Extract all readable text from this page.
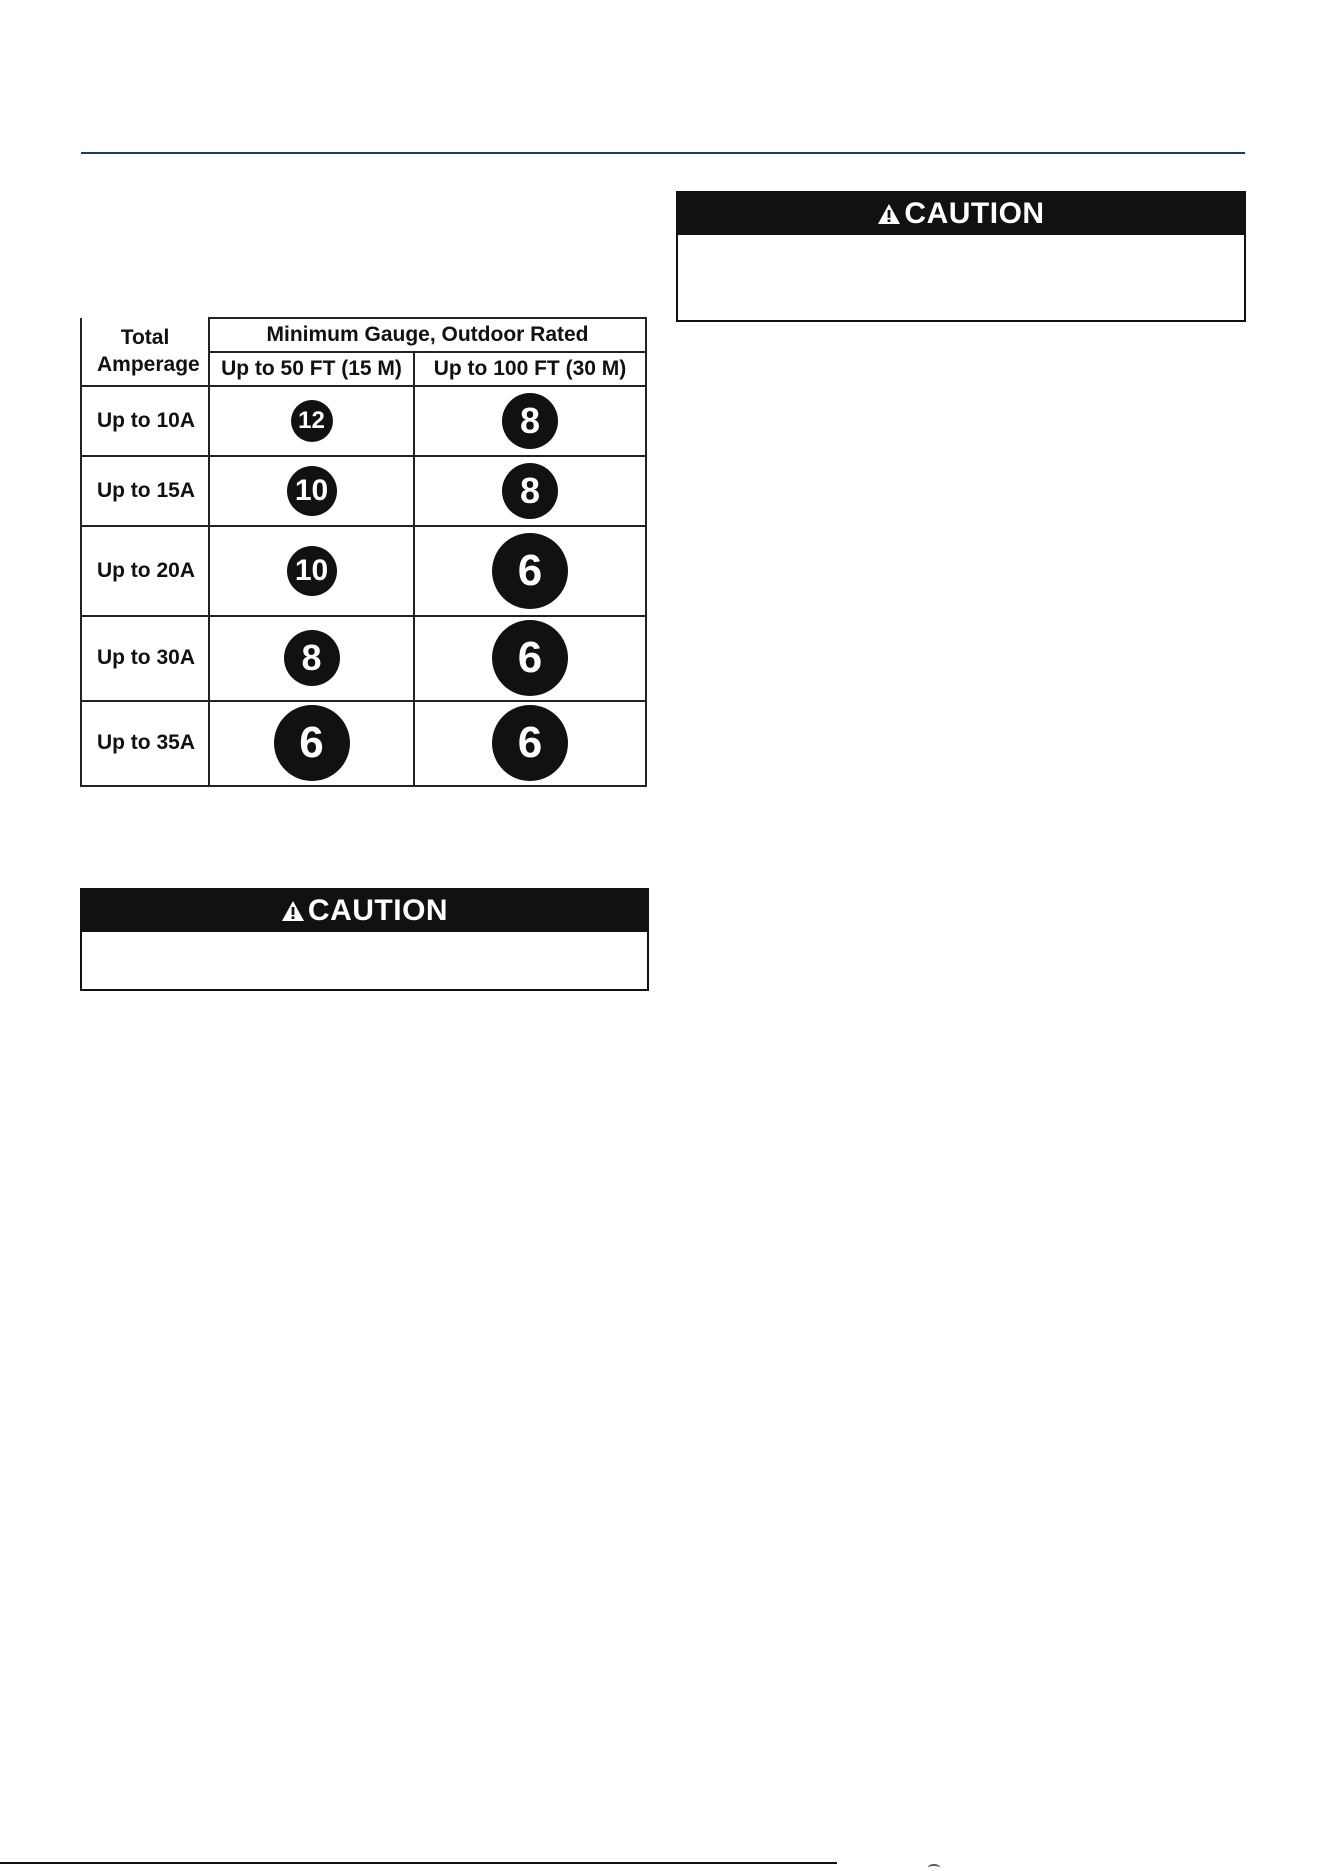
CAUTION
Total Amperage	Minimum Gauge, Outdoor Rated	
	Up to 50 FT (15 M)	Up to 100 FT (30 M)
Up to 10A	12	8
Up to 15A	10	8
Up to 20A	10	6
Up to 30A	8	6
Up to 35A	6	6
CAUTION
